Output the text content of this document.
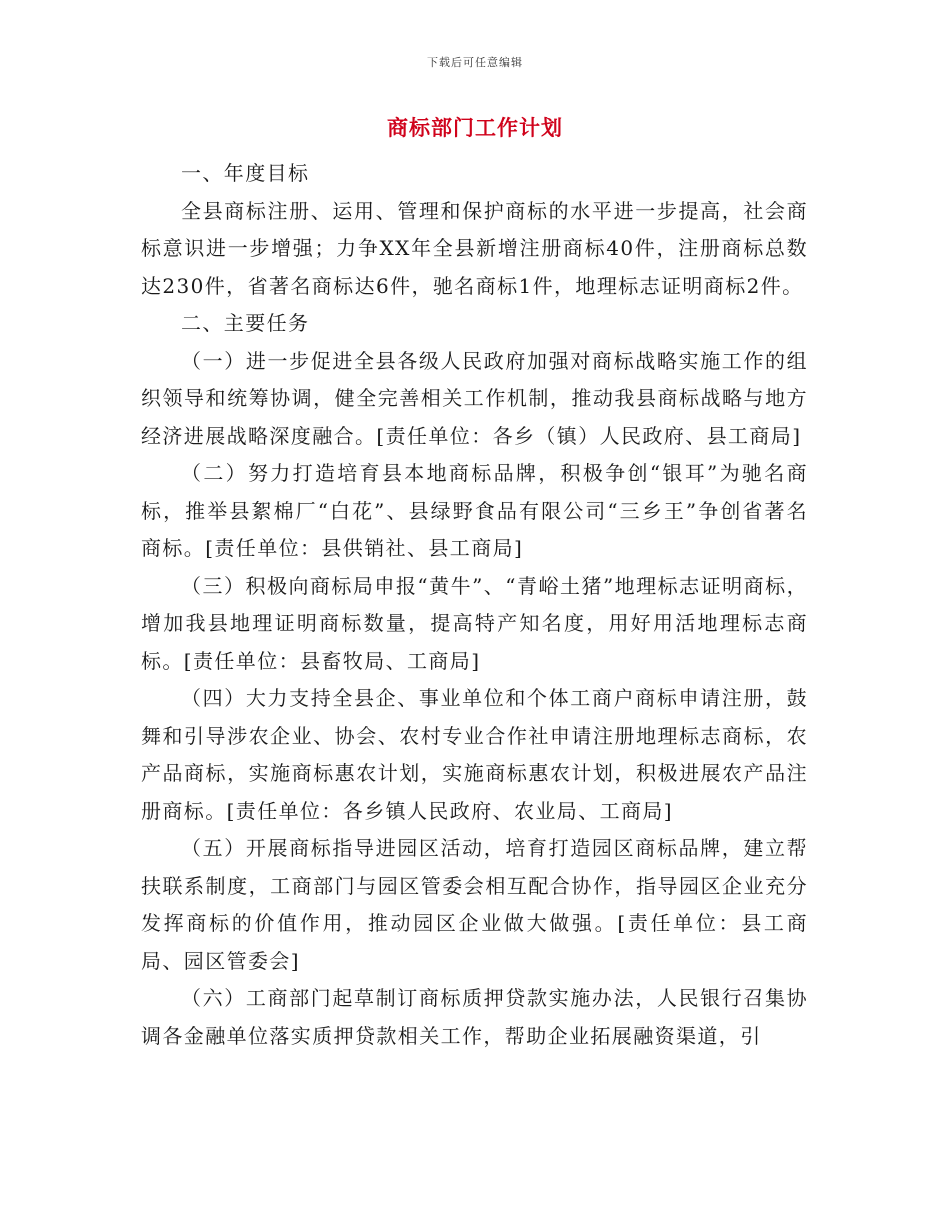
下载后可任意编辑
商标部门工作计划

一、年度目标

全县商标注册、运用、管理和保护商标的水平进一步提高，社会商标意识进一步增强；力争XX年全县新增注册商标40件，注册商标总数达230件，省著名商标达6件，驰名商标1件，地理标志证明商标2件。

二、主要任务

（一）进一步促进全县各级人民政府加强对商标战略实施工作的组织领导和统筹协调，健全完善相关工作机制，推动我县商标战略与地方经济进展战略深度融合。[责任单位：各乡（镇）人民政府、县工商局]

（二）努力打造培育县本地商标品牌，积极争创“银耳”为驰名商标，推举县絮棉厂“白花”、县绿野食品有限公司“三乡王”争创省著名商标。[责任单位：县供销社、县工商局]

（三）积极向商标局申报“黄牛”、“青峪土猪”地理标志证明商标，增加我县地理证明商标数量，提高特产知名度，用好用活地理标志商标。[责任单位：县畜牧局、工商局]

（四）大力支持全县企、事业单位和个体工商户商标申请注册，鼓舞和引导涉农企业、协会、农村专业合作社申请注册地理标志商标，农产品商标，实施商标惠农计划，实施商标惠农计划，积极进展农产品注册商标。[责任单位：各乡镇人民政府、农业局、工商局]

（五）开展商标指导进园区活动，培育打造园区商标品牌，建立帮扶联系制度，工商部门与园区管委会相互配合协作，指导园区企业充分发挥商标的价值作用，推动园区企业做大做强。[责任单位：县工商局、园区管委会]

（六）工商部门起草制订商标质押贷款实施办法，人民银行召集协调各金融单位落实质押贷款相关工作，帮助企业拓展融资渠道，引
